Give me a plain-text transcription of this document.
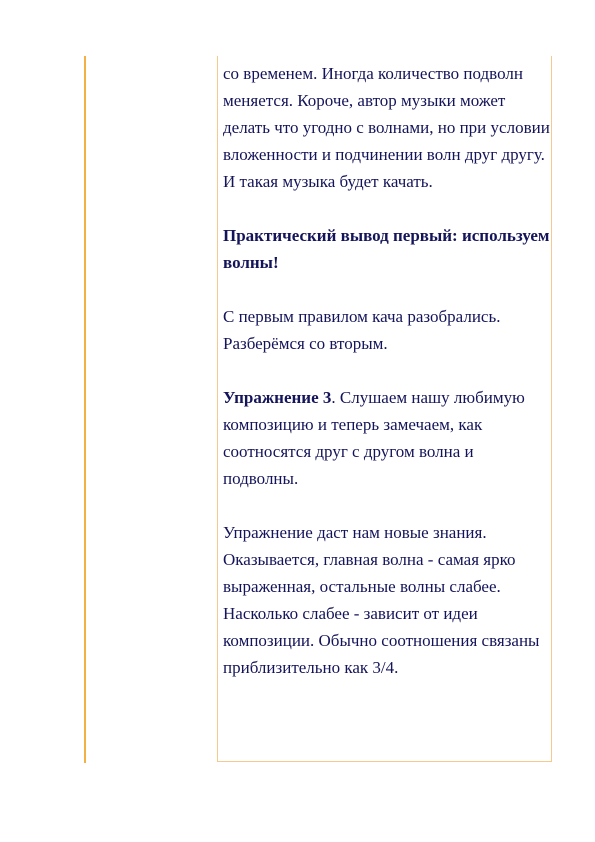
со временем. Иногда количество подволн меняется. Короче, автор музыки может делать что угодно с волнами, но при условии вложенности и подчинении волн друг другу. И такая музыка будет качать.

Практический вывод первый: используем волны!

С первым правилом кача разобрались. Разберёмся со вторым.

Упражнение 3. Слушаем нашу любимую композицию и теперь замечаем, как соотносятся друг с другом волна и подволны.

Упражнение даст нам новые знания. Оказывается, главная волна - самая ярко выраженная, остальные волны слабее. Насколько слабее - зависит от идеи композиции. Обычно соотношения связаны приблизительно как 3/4.
